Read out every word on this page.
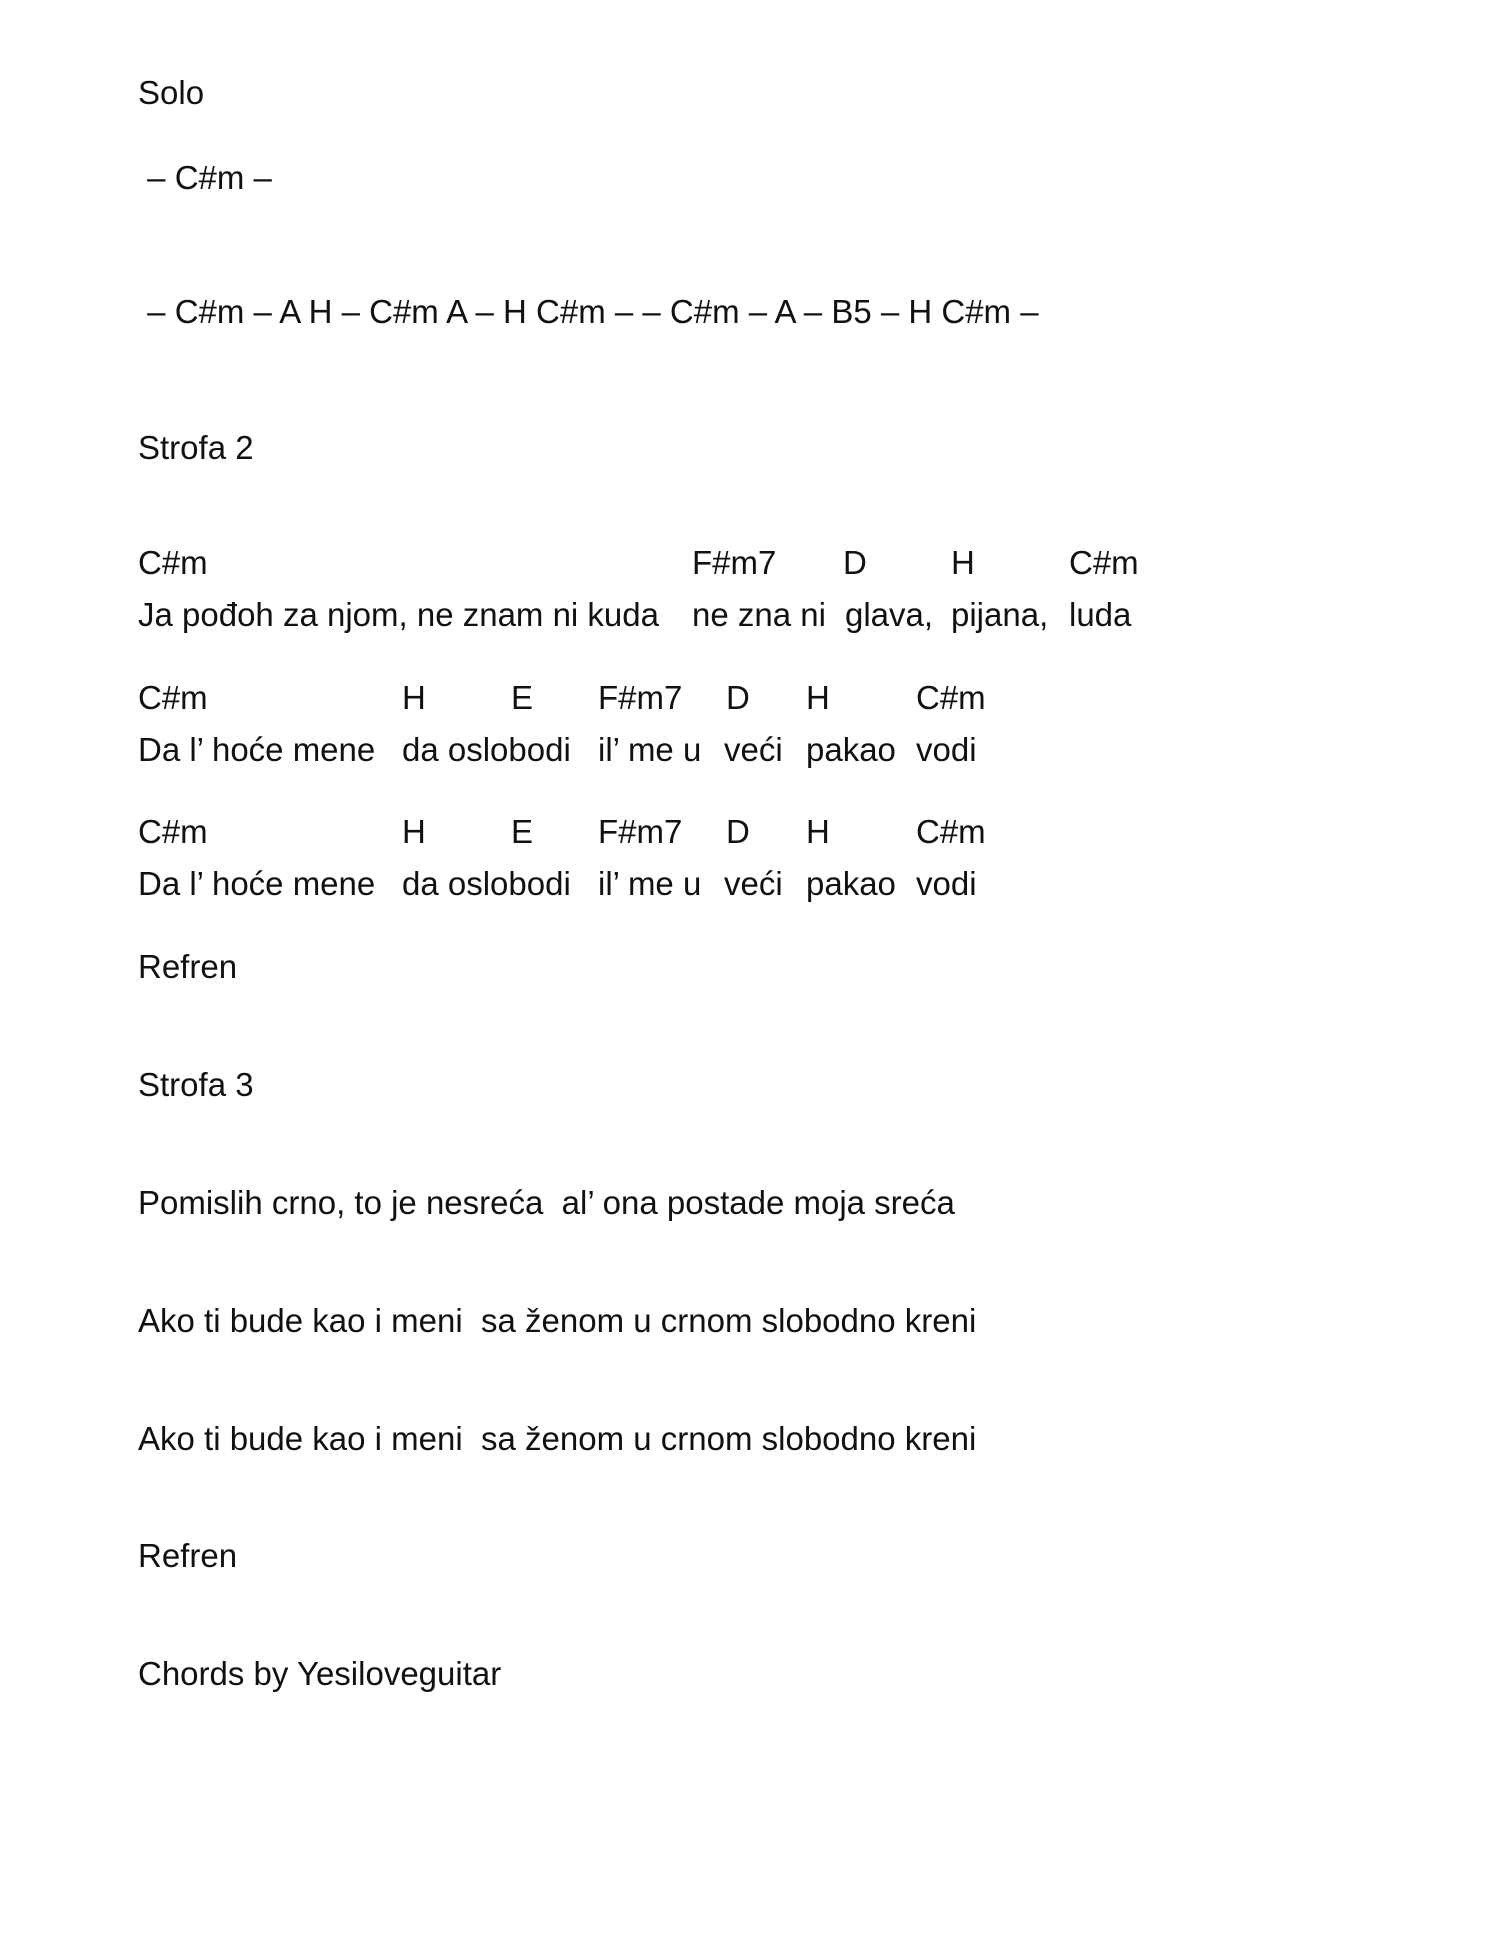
Solo
– C#m –
– C#m – A H – C#m A – H C#m – – C#m – A – B5 – H C#m –
Strofa 2
C#m	F#m7 D	H	C#m
Ja pođoh za njom, ne znam ni kuda ne zna ni glava, pijana, luda
C#m	H	E F#m7 D H	C#m
Da l’ hoće mene da oslobodi il’ me u veći pakao vodi
C#m	H	E F#m7 D H	C#m
Da l’ hoće mene da oslobodi il’ me u veći pakao vodi
Refren
Strofa 3
Pomislih crno, to je nesreća  al’ ona postade moja sreća
Ako ti bude kao i meni  sa ženom u crnom slobodno kreni
Ako ti bude kao i meni  sa ženom u crnom slobodno kreni
Refren
Chords by Yesiloveguitar
